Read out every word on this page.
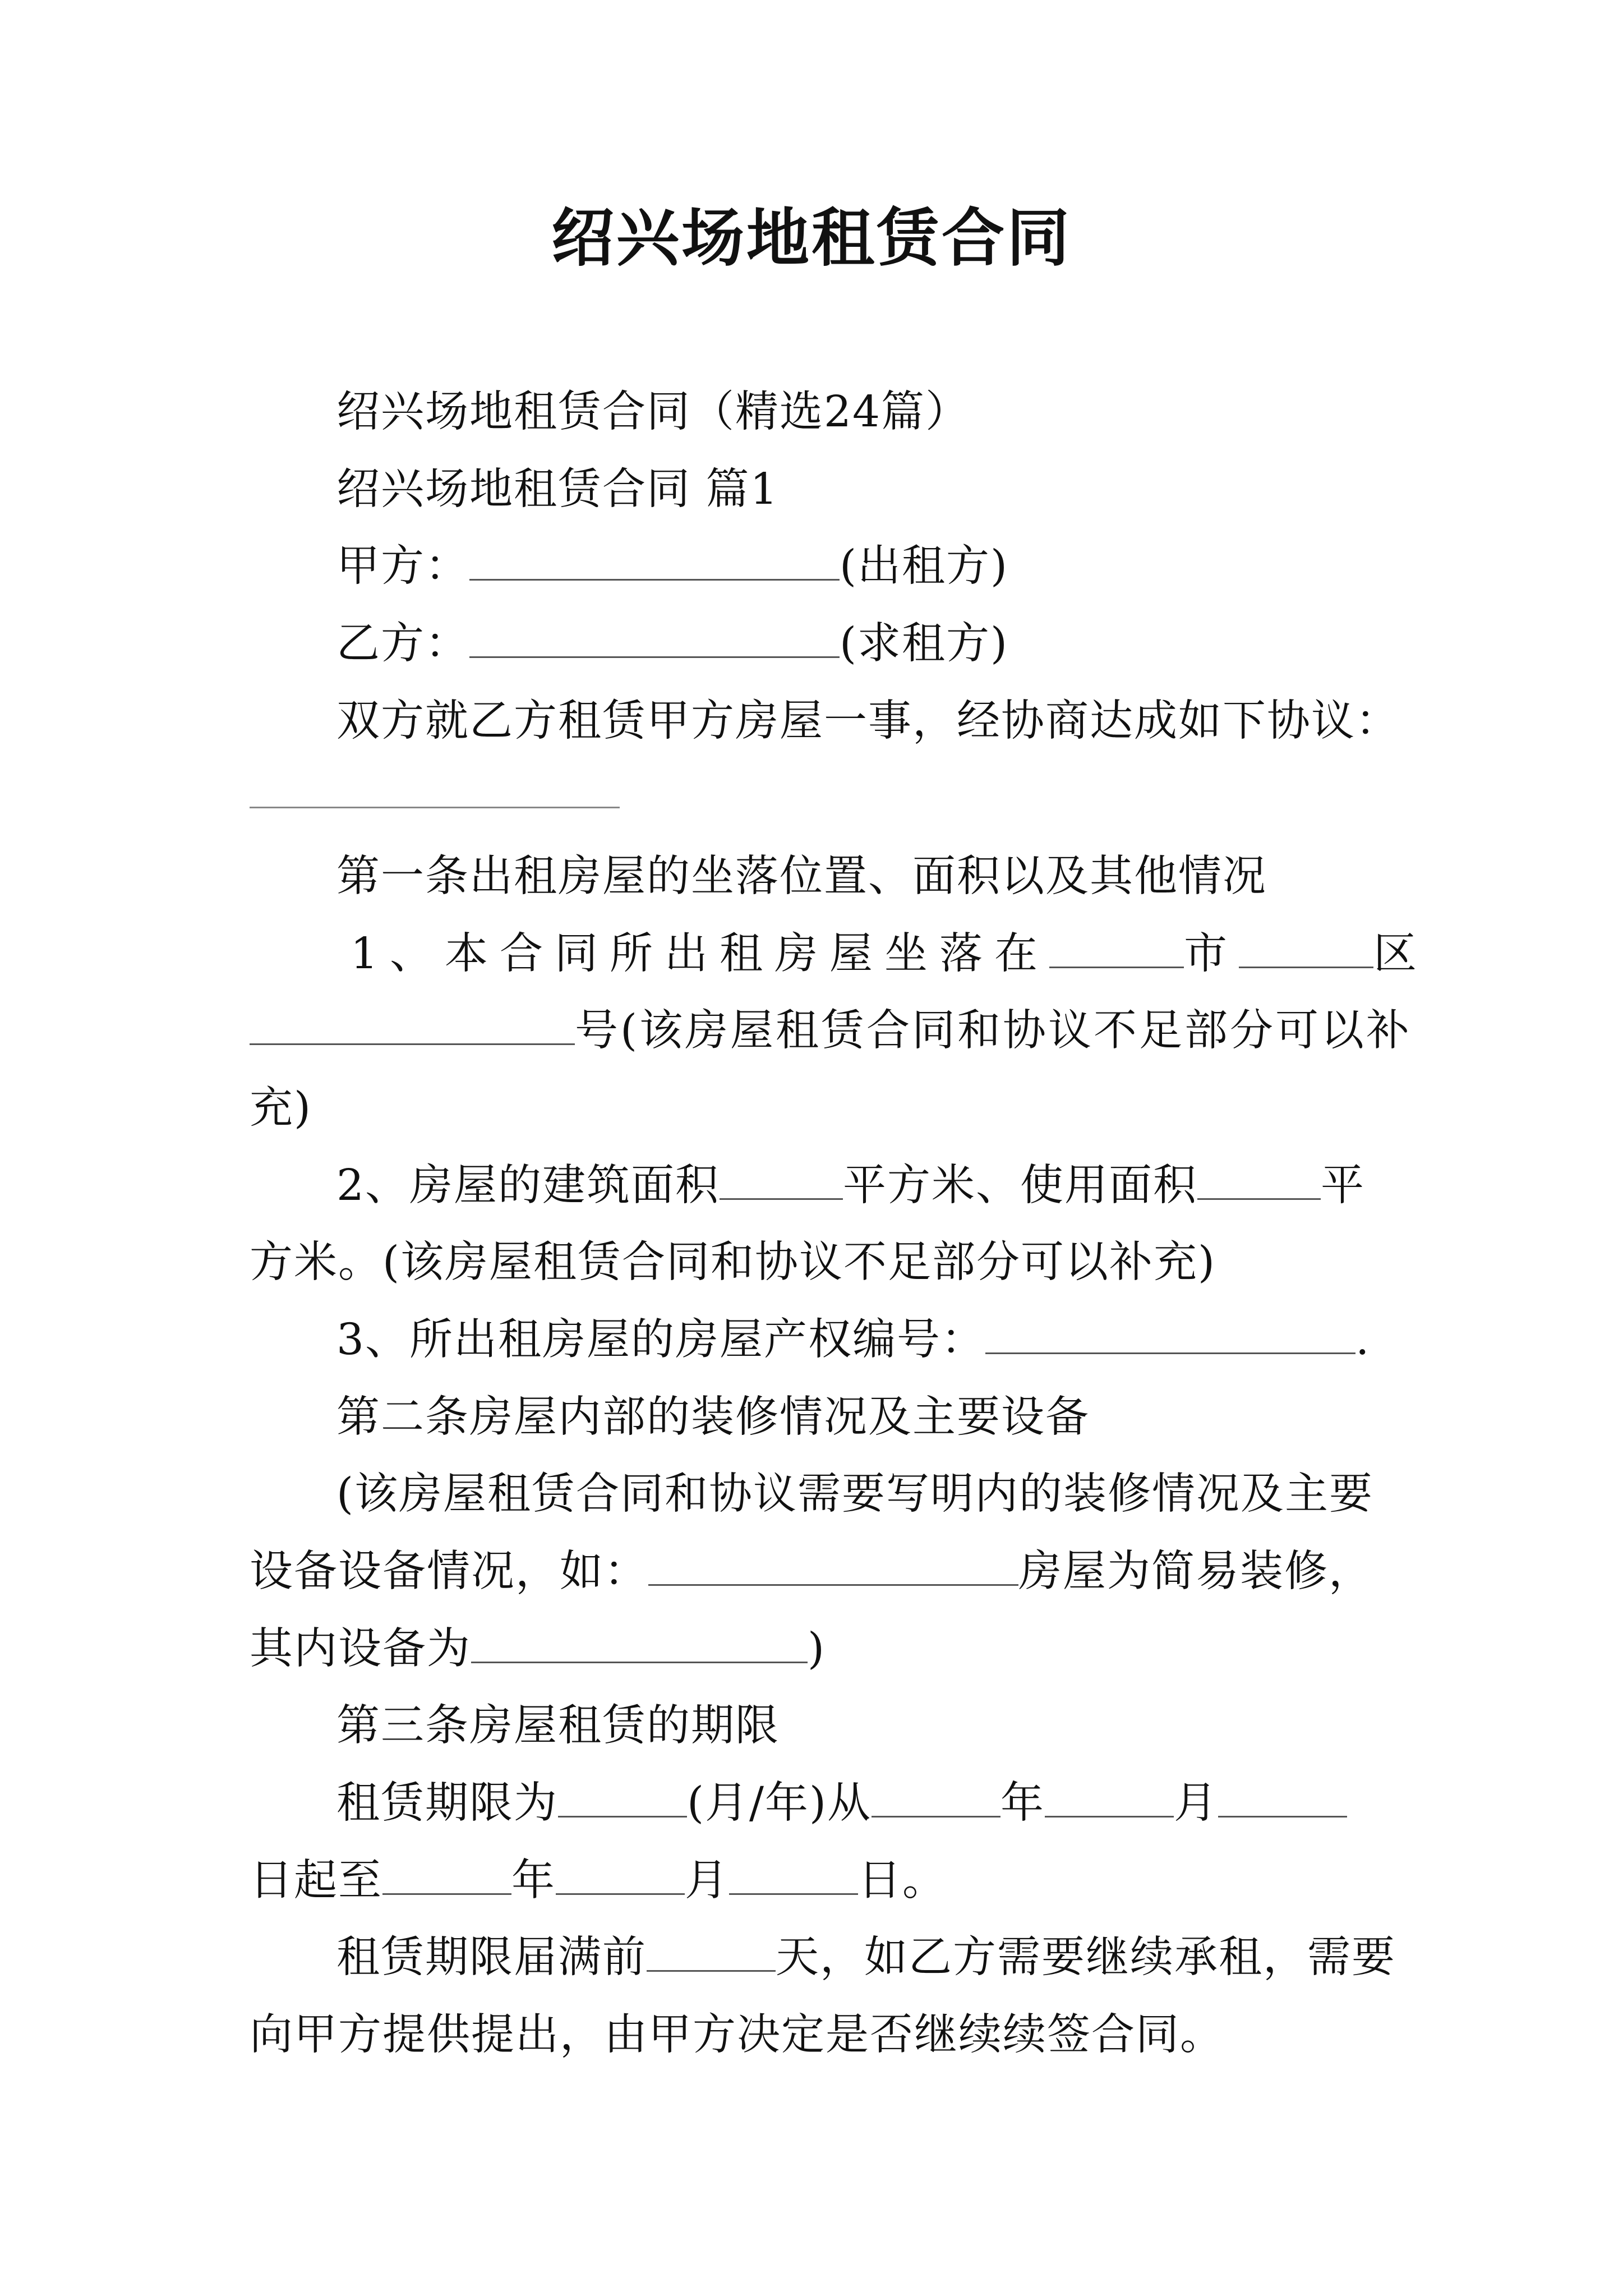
绍兴场地租赁合同
绍兴场地租赁合同（精选24篇）
绍兴场地租赁合同 篇1
甲方：	(出租方)
乙方：	(求租方)
双方就乙方租赁甲方房屋一事，经协商达成如下协议：
第一条出租房屋的坐落位置、面积以及其他情况
1、本合同所出租房屋坐落在	市	区
号(该房屋租赁合同和协议不足部分可以补
充)
2、房屋的建筑面积	平方米、使用面积	平
方米。(该房屋租赁合同和协议不足部分可以补充)
3、所出租房屋的房屋产权编号：	.
第二条房屋内部的装修情况及主要设备
(该房屋租赁合同和协议需要写明内的装修情况及主要
设备设备情况，如：	房屋为简易装修，
其内设备为	)
第三条房屋租赁的期限
租赁期限为	(月/年)从	年	月
日起至	年	月	日。
租赁期限届满前	天，如乙方需要继续承租，需要
向甲方提供提出，由甲方决定是否继续续签合同。
